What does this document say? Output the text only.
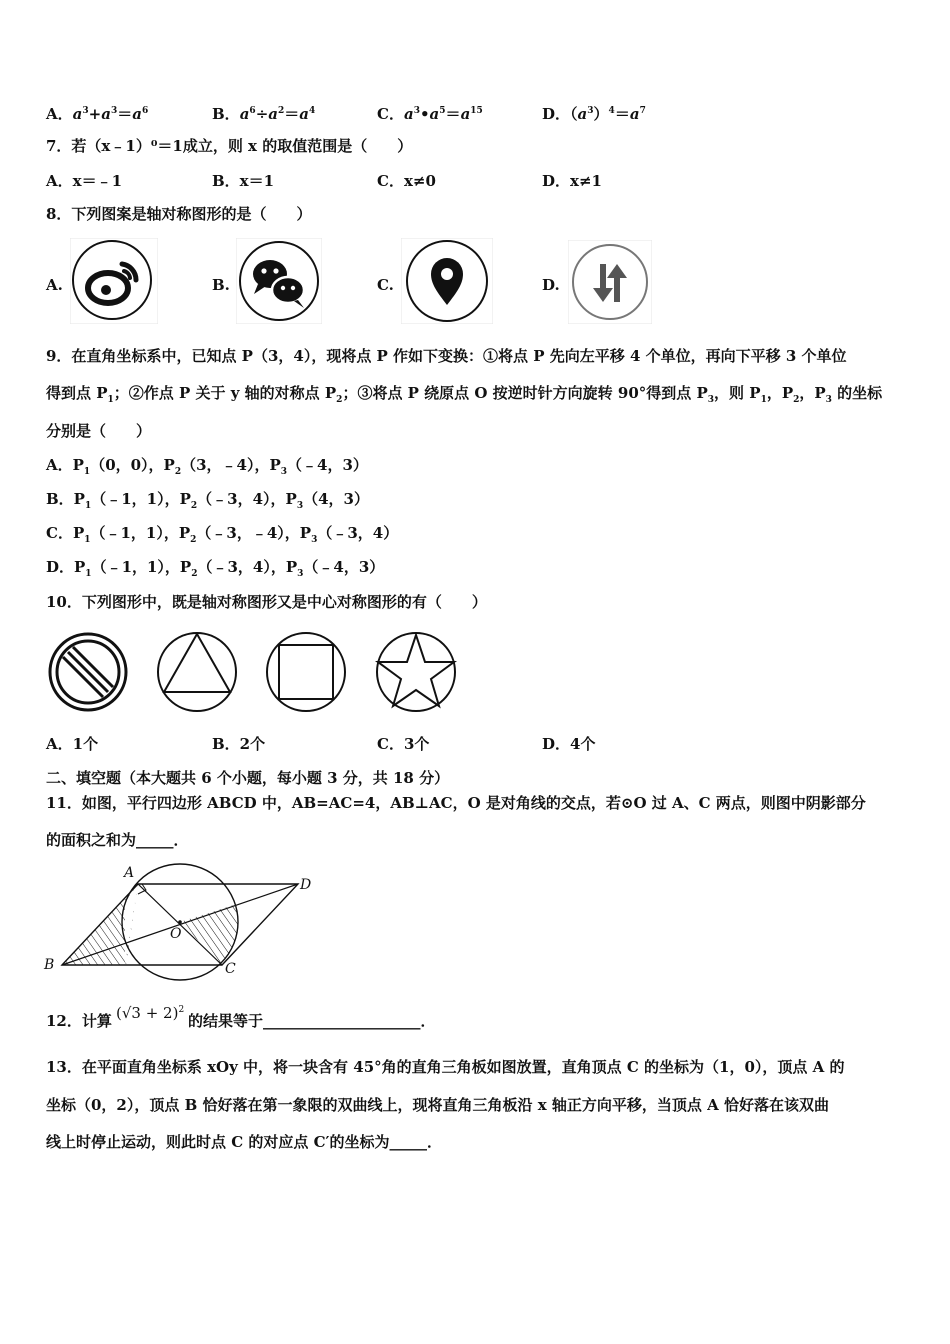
A．$a^3+a^3=a^6$	B．$a^6\div a^2=a^4$	C．$a^3•a^5=a^{15}$	D．$(a^3)^4=a^7$
7．若（x﹣1）⁰＝1成立，则 x 的取值范围是（　　）
A．x＝﹣1	B．x＝1	C．x≠0	D．x≠1
8．下列图案是轴对称图形的是（　　）
A.	B.	C.	D.
9．在直角坐标系中，已知点 P（3，4），现将点 P 作如下变换：①将点 P 先向左平移 4 个单位，再向下平移 3 个单位
得到点 $P_1$；②作点 P 关于 y 轴的对称点 $P_2$；③将点 P 绕原点 O 按逆时针方向旋转 90°得到点 $P_3$，则 $P_1$，$P_2$，$P_3$ 的坐标
分别是（　　）
A．$P_1(0$，0），$P_2(3$，﹣4），$P_3(﹣4$，3）
B．$P_1(﹣1$，1），$P_2(﹣3$，4），$P_3(4$，3）
C．$P_1(﹣1$，1），$P_2(﹣3$，﹣4），$P_3(﹣3$，4）
D．$P_1(﹣1$，1），$P_2(﹣3$，4），$P_3(﹣4$，3）
10．下列图形中，既是轴对称图形又是中心对称图形的有（　　）
A．1个	B．2个	C．3个	D．4个
二、填空题（本大题共 6 个小题，每小题 3 分，共 18 分）
11．如图，平行四边形 ABCD 中，AB=AC=4，AB⊥AC，O 是对角线的交点，若⊙O 过 A、C 两点，则图中阴影部分
的面积之和为_____．
A
D
O
B	C
12．计算 $(√3 + 2)^2$
的结果等于_____________________．
13．在平面直角坐标系 xOy 中，将一块含有 45°角的直角三角板如图放置，直角顶点 C 的坐标为（1，0），顶点 A 的
坐标（0，2），顶点 B 恰好落在第一象限的双曲线上，现将直角三角板沿 x 轴正方向平移，当顶点 A 恰好落在该双曲
线上时停止运动，则此时点 C 的对应点 C′的坐标为_____．
